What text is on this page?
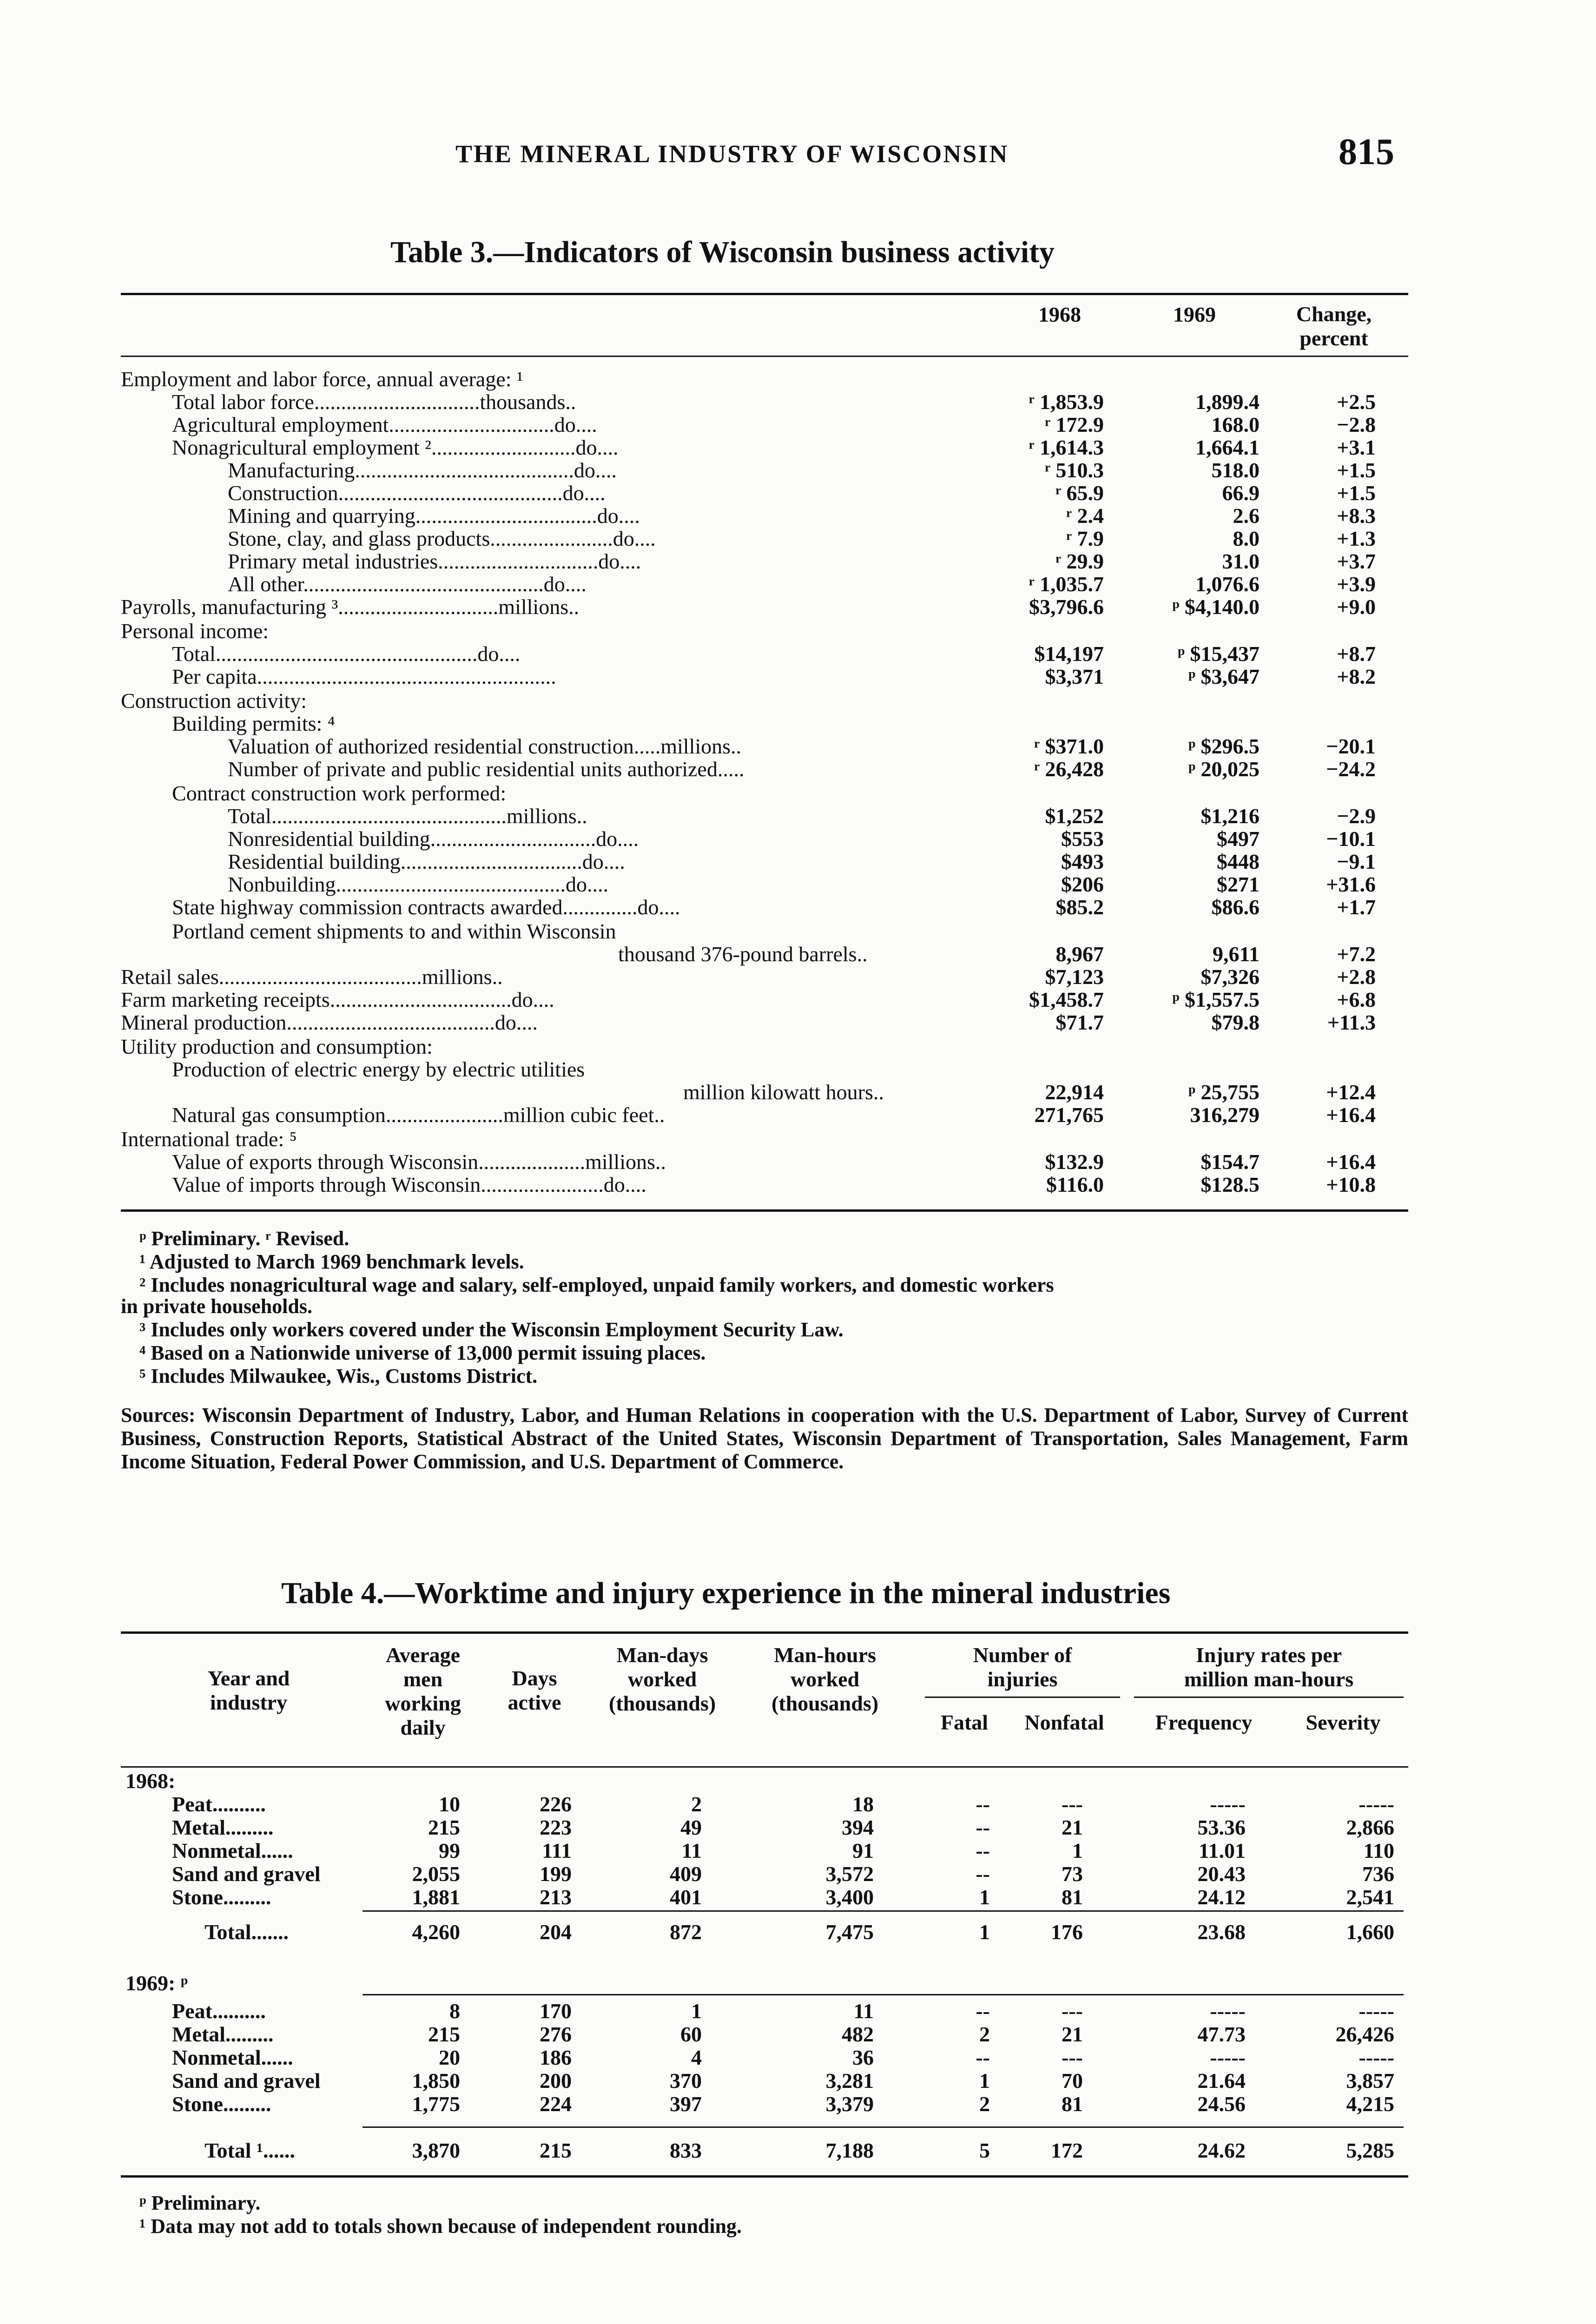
THE MINERAL INDUSTRY OF WISCONSIN	815
Table 3.—Indicators of Wisconsin business activity
1968	1969	Change,
percent
Employment and labor force, annual average: ¹
Total labor force...............................thousands..	ʳ 1,853.9	1,899.4	+2.5
Agricultural employment...............................do....	ʳ 172.9	168.0	−2.8
Nonagricultural employment ²...........................do....	ʳ 1,614.3	1,664.1	+3.1
Manufacturing.........................................do....	ʳ 510.3	518.0	+1.5
Construction..........................................do....	ʳ 65.9	66.9	+1.5
Mining and quarrying..................................do....	ʳ 2.4	2.6	+8.3
Stone, clay, and glass products.......................do....	ʳ 7.9	8.0	+1.3
Primary metal industries..............................do....	ʳ 29.9	31.0	+3.7
All other.............................................do....	ʳ 1,035.7	1,076.6	+3.9
Payrolls, manufacturing ³..............................millions..	$3,796.6	ᵖ $4,140.0	+9.0
Personal income:
Total.................................................do....	$14,197	ᵖ $15,437	+8.7
Per capita........................................................	$3,371	ᵖ $3,647	+8.2
Construction activity:
Building permits: ⁴
Valuation of authorized residential construction.....millions..	ʳ $371.0	ᵖ $296.5	−20.1
Number of private and public residential units authorized.....	ʳ 26,428	ᵖ 20,025	−24.2
Contract construction work performed:
Total............................................millions..	$1,252	$1,216	−2.9
Nonresidential building...............................do....	$553	$497	−10.1
Residential building..................................do....	$493	$448	−9.1
Nonbuilding...........................................do....	$206	$271	+31.6
State highway commission contracts awarded..............do....	$85.2	$86.6	+1.7
Portland cement shipments to and within Wisconsin
thousand 376-pound barrels..	8,967	9,611	+7.2
Retail sales......................................millions..	$7,123	$7,326	+2.8
Farm marketing receipts..................................do....	$1,458.7	ᵖ $1,557.5	+6.8
Mineral production.......................................do....	$71.7	$79.8	+11.3
Utility production and consumption:
Production of electric energy by electric utilities
million kilowatt hours..	22,914	ᵖ 25,755	+12.4
Natural gas consumption......................million cubic feet..	271,765	316,279	+16.4
International trade: ⁵
Value of exports through Wisconsin....................millions..	$132.9	$154.7	+16.4
Value of imports through Wisconsin.......................do....	$116.0	$128.5	+10.8
ᵖ Preliminary. ʳ Revised.
¹ Adjusted to March 1969 benchmark levels.
² Includes nonagricultural wage and salary, self-employed, unpaid family workers, and domestic workers
in private households.
³ Includes only workers covered under the Wisconsin Employment Security Law.
⁴ Based on a Nationwide universe of 13,000 permit issuing places.
⁵ Includes Milwaukee, Wis., Customs District.
Sources: Wisconsin Department of Industry, Labor, and Human Relations in cooperation with the U.S. Department of Labor, Survey of Current Business, Construction Reports, Statistical Abstract of the United States, Wisconsin Department of Transportation, Sales Management, Farm Income Situation, Federal Power Commission, and U.S. Department of Commerce.
Table 4.—Worktime and injury experience in the mineral industries
Year and
industry
Average
men
working
daily
Days
active
Man-days
worked
(thousands)
Man-hours
worked
(thousands)
Number of
injuries
Fatal	Nonfatal
Injury rates per
million man-hours
Frequency	Severity
1968:
Peat..........	10	226	2	18	--	---	-----	-----
Metal.........	215	223	49	394	--	21	53.36	2,866
Nonmetal......	99	111	11	91	--	1	11.01	110
Sand and gravel	2,055	199	409	3,572	--	73	20.43	736
Stone.........	1,881	213	401	3,400	1	81	24.12	2,541
Total.......	4,260	204	872	7,475	1	176	23.68	1,660
1969: ᵖ
Peat..........	8	170	1	11	--	---	-----	-----
Metal.........	215	276	60	482	2	21	47.73	26,426
Nonmetal......	20	186	4	36	--	---	-----	-----
Sand and gravel	1,850	200	370	3,281	1	70	21.64	3,857
Stone.........	1,775	224	397	3,379	2	81	24.56	4,215
Total ¹......	3,870	215	833	7,188	5	172	24.62	5,285
ᵖ Preliminary.
¹ Data may not add to totals shown because of independent rounding.
